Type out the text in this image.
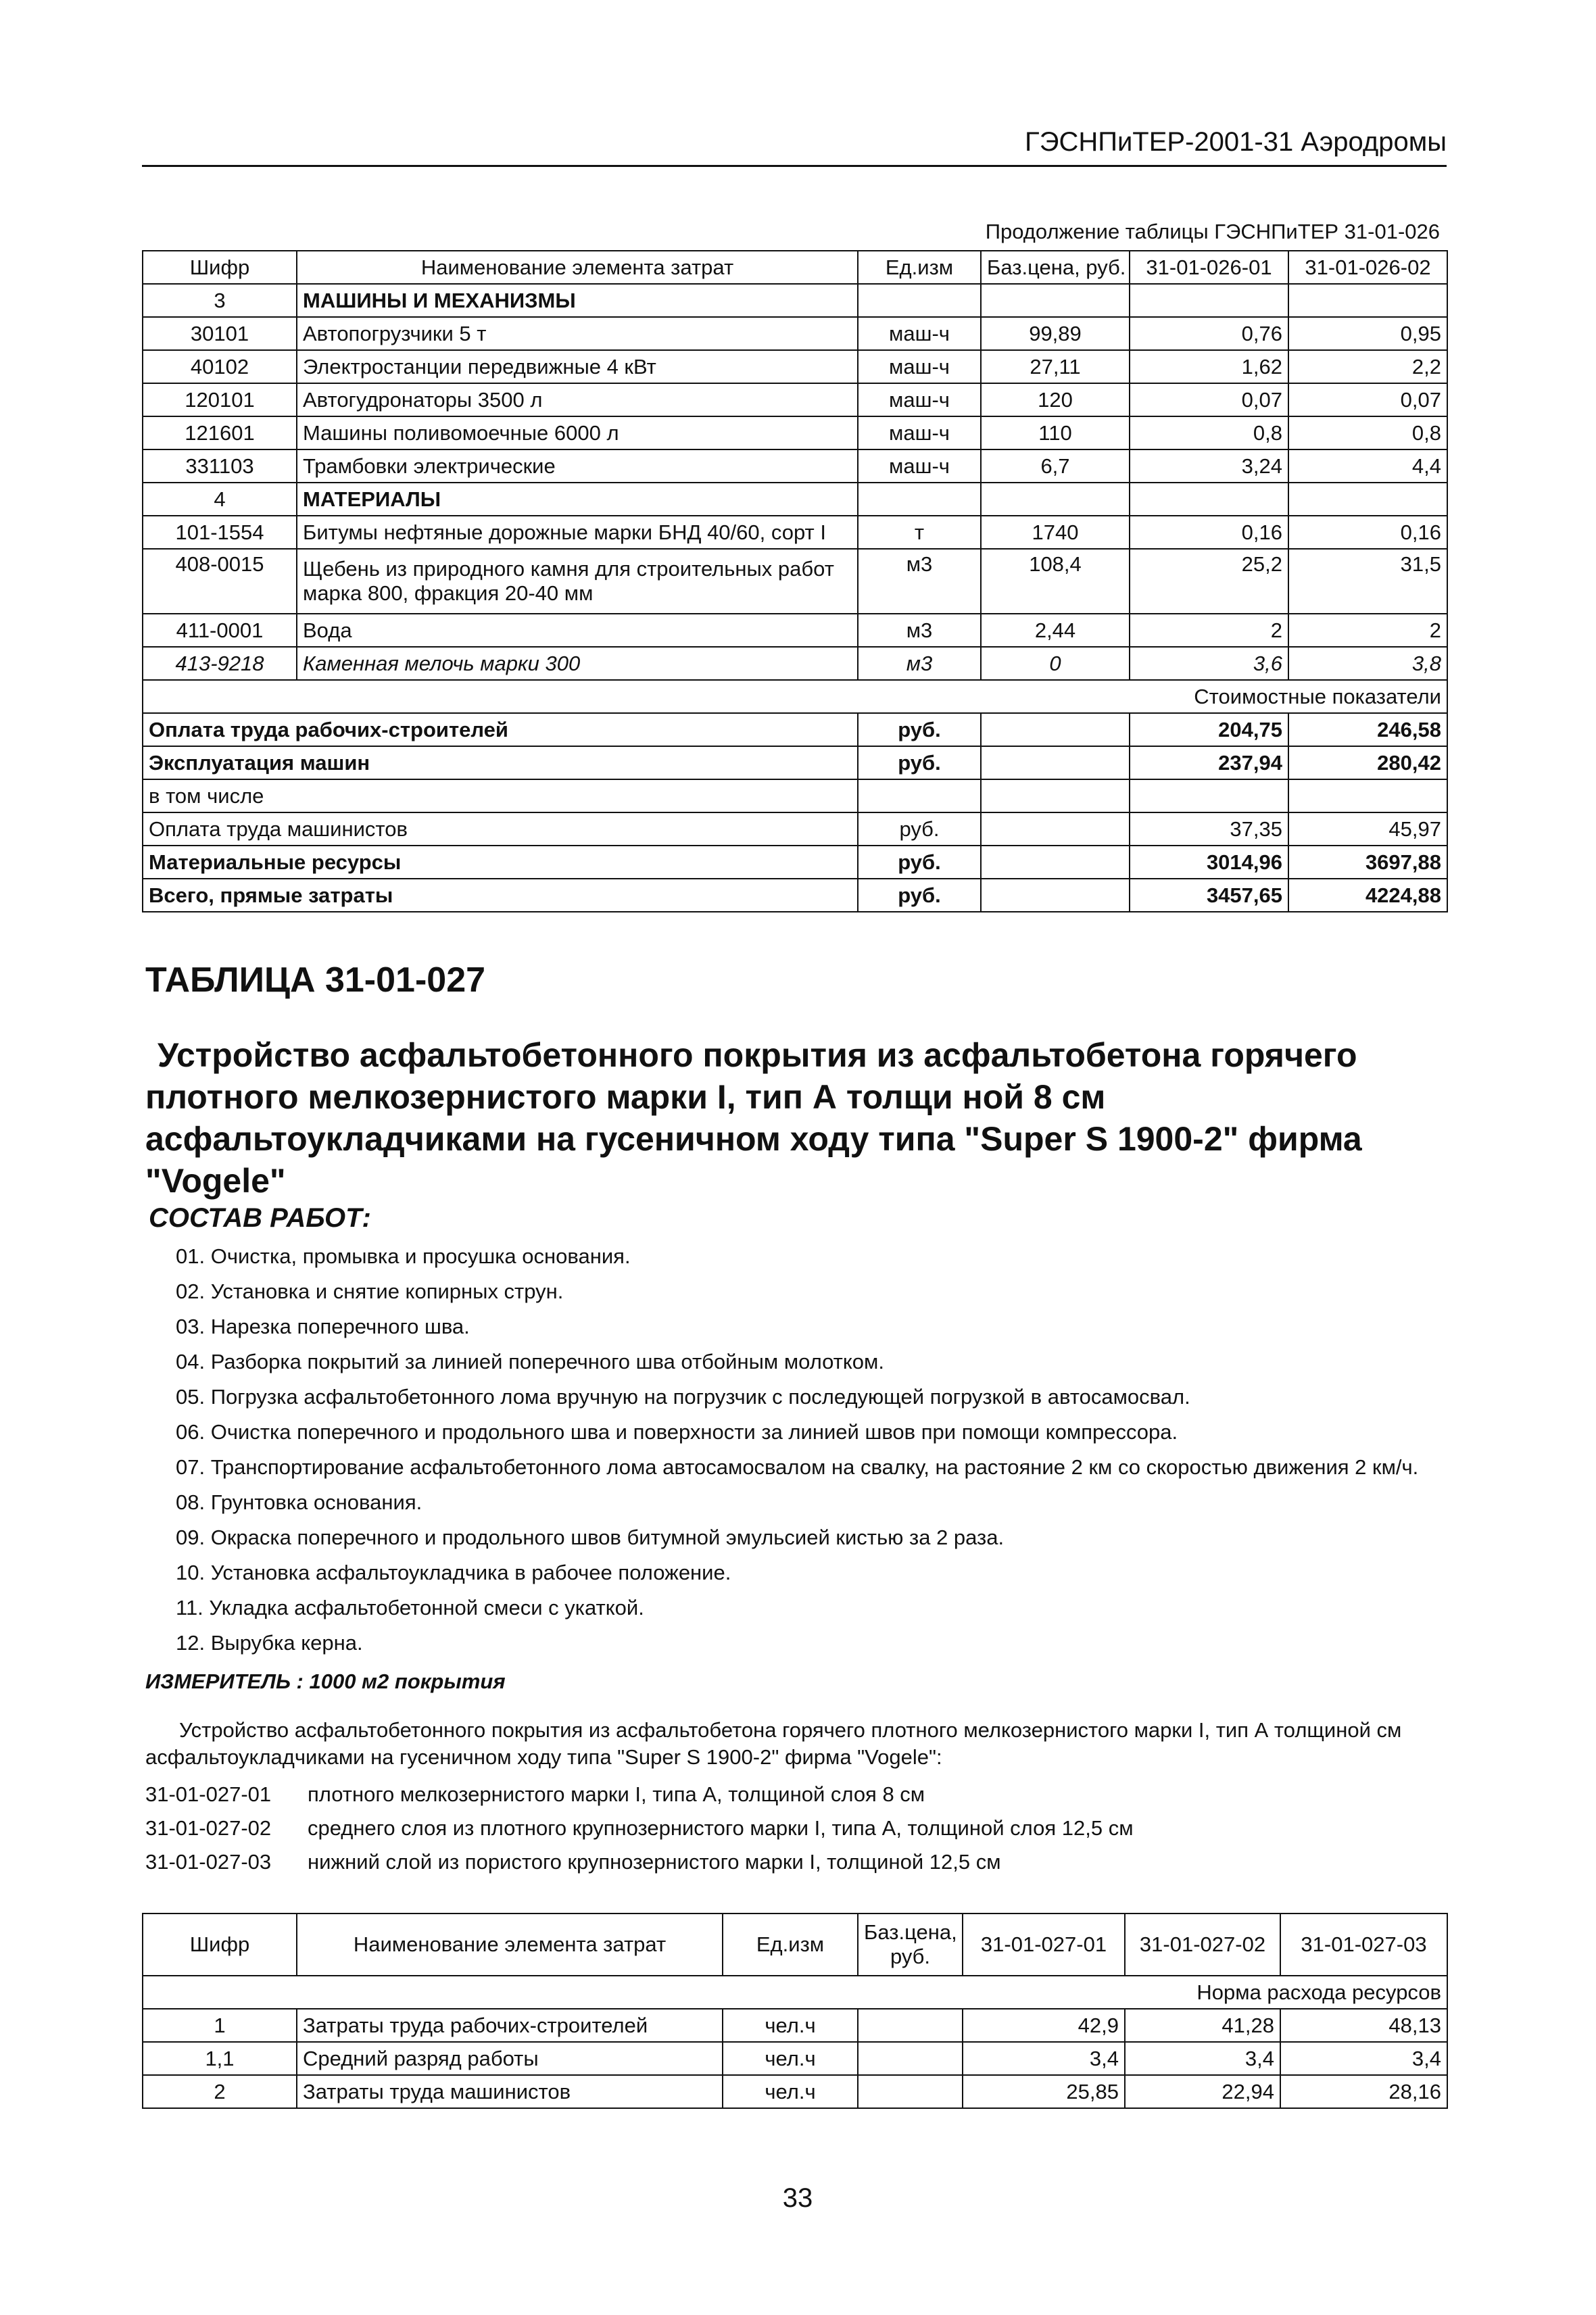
ГЭСНПиТЕР-2001-31 Аэродромы
Продолжение таблицы ГЭСНПиТЕР 31-01-026
Шифр	Наименование элемента затрат	Ед.изм	Баз.цена, руб.	31-01-026-01	31-01-026-02
3	МАШИНЫ И МЕХАНИЗМЫ				
30101	Автопогрузчики 5 т	маш-ч	99,89	0,76	0,95
40102	Электростанции передвижные 4 кВт	маш-ч	27,11	1,62	2,2
120101	Автогудронаторы 3500 л	маш-ч	120	0,07	0,07
121601	Машины поливомоечные 6000 л	маш-ч	110	0,8	0,8
331103	Трамбовки электрические	маш-ч	6,7	3,24	4,4
4	МАТЕРИАЛЫ				
101-1554	Битумы нефтяные дорожные марки БНД 40/60, сорт I	т	1740	0,16	0,16
408-0015	Щебень из природного камня для строительных работ марка 800, фракция 20-40 мм	м3	108,4	25,2	31,5
411-0001	Вода	м3	2,44	2	2
413-9218	Каменная мелочь марки 300	м3	0	3,6	3,8
Стоимостные показатели					
Оплата труда рабочих-строителей		руб.		204,75	246,58
Эксплуатация машин		руб.		237,94	280,42
в том числе					
Оплата труда машинистов		руб.		37,35	45,97
Материальные ресурсы		руб.		3014,96	3697,88
Всего, прямые затраты		руб.		3457,65	4224,88
ТАБЛИЦА 31-01-027
Устройство асфальтобетонного покрытия из асфальтобетона горячего плотного мелкозернистого марки I, тип А толщи ной 8 см асфальтоукладчиками на гусеничном ходу типа "Super S 1900-2" фирма "Vogele"
СОСТАВ РАБОТ:
01. Очистка, промывка и просушка основания.
02. Установка и снятие копирных струн.
03. Нарезка поперечного шва.
04. Разборка покрытий за линией поперечного шва отбойным молотком.
05. Погрузка асфальтобетонного лома вручную на погрузчик с последующей погрузкой в автосамосвал.
06. Очистка поперечного и продольного шва и поверхности за линией швов при помощи компрессора.
07. Транспортирование асфальтобетонного лома автосамосвалом на свалку, на растояние 2 км со скоростью движения 2 км/ч.
08. Грунтовка основания.
09. Окраска поперечного и продольного швов битумной эмульсией кистью за 2 раза.
10. Установка асфальтоукладчика в рабочее положение.
11. Укладка асфальтобетонной смеси с укаткой.
12. Вырубка керна.
ИЗМЕРИТЕЛЬ : 1000 м2 покрытия
Устройство асфальтобетонного покрытия из асфальтобетона горячего плотного мелкозернистого марки I, тип А толщиной см асфальтоукладчиками на гусеничном ходу типа "Super S 1900-2" фирма "Vogele":
31-01-027-01 плотного мелкозернистого марки I, типа А, толщиной слоя 8 см
31-01-027-02 среднего слоя из плотного крупнозернистого марки I, типа А, толщиной слоя 12,5 см
31-01-027-03 нижний слой из пористого крупнозернистого марки I, толщиной 12,5 см
Шифр	Наименование элемента затрат	Ед.изм	Баз.цена, руб.	31-01-027-01	31-01-027-02	31-01-027-03
Норма расхода ресурсов						
1	Затраты труда рабочих-строителей	чел.ч		42,9	41,28	48,13
1,1	Средний разряд работы	чел.ч		3,4	3,4	3,4
2	Затраты труда машинистов	чел.ч		25,85	22,94	28,16
33
